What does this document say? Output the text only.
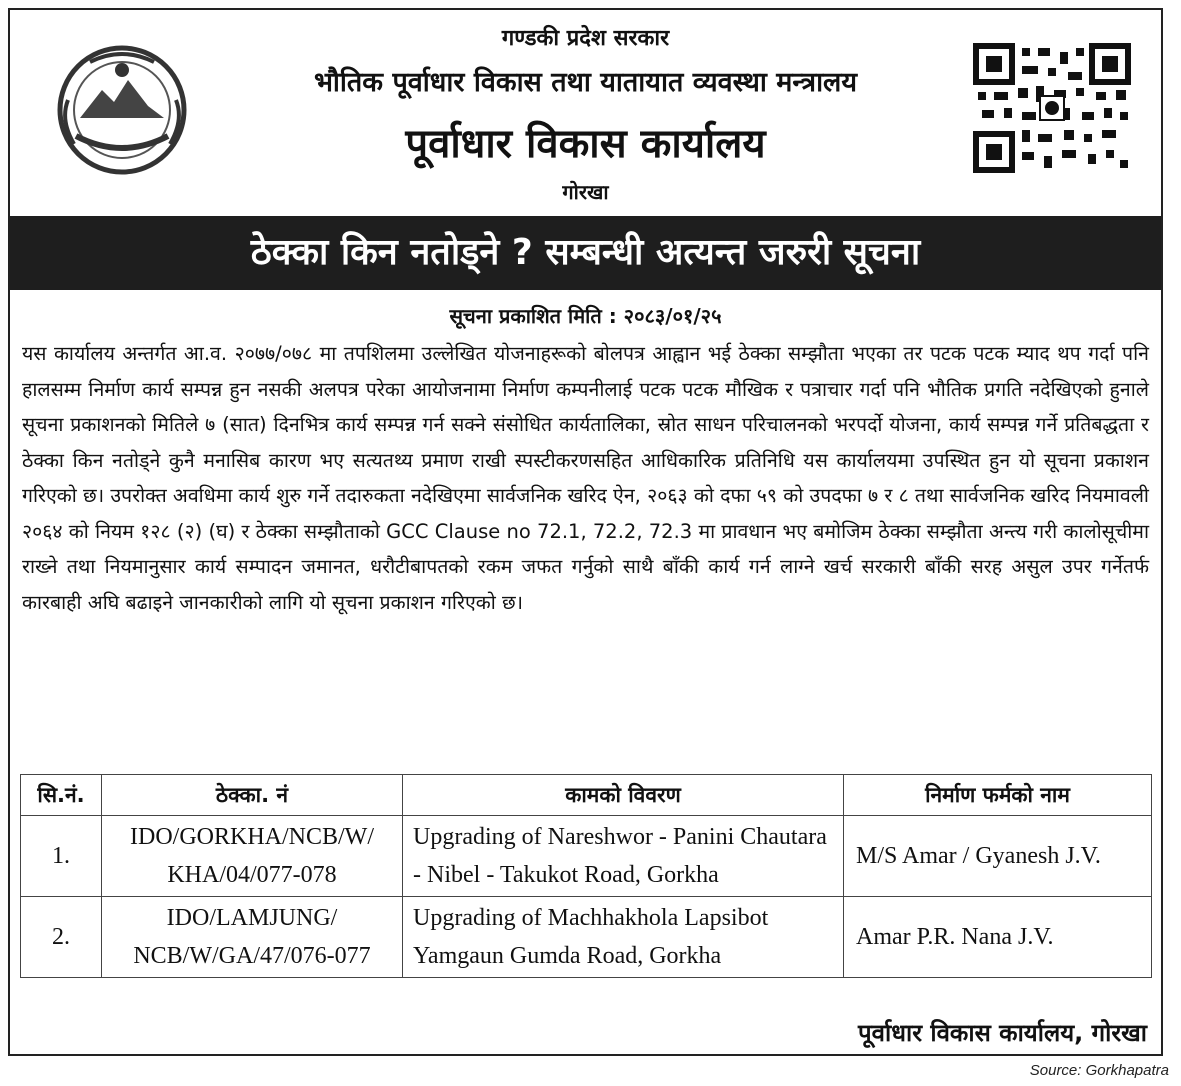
गण्डकी प्रदेश सरकार
भौतिक पूर्वाधार विकास तथा यातायात व्यवस्था मन्त्रालय
पूर्वाधार विकास कार्यालय
गोरखा
ठेक्का किन नतोड्ने ? सम्बन्धी अत्यन्त जरुरी सूचना
सूचना प्रकाशित मिति : २०८३/०१/२५
यस कार्यालय अन्तर्गत आ.व. २०७७/०७८ मा तपशिलमा उल्लेखित योजनाहरूको बोलपत्र आह्वान भई ठेक्का सम्झौता भएका तर पटक पटक म्याद थप गर्दा पनि हालसम्म निर्माण कार्य सम्पन्न हुन नसकी अलपत्र परेका आयोजनामा निर्माण कम्पनीलाई पटक पटक मौखिक र पत्राचार गर्दा पनि भौतिक प्रगति नदेखिएको हुनाले सूचना प्रकाशनको मितिले ७ (सात) दिनभित्र कार्य सम्पन्न गर्न सक्ने संसोधित कार्यतालिका, स्रोत साधन परिचालनको भरपर्दो योजना, कार्य सम्पन्न गर्ने प्रतिबद्धता र ठेक्का किन नतोड्ने कुनै मनासिब कारण भए सत्यतथ्य प्रमाण राखी स्पस्टीकरणसहित आधिकारिक प्रतिनिधि यस कार्यालयमा उपस्थित हुन यो सूचना प्रकाशन गरिएको छ। उपरोक्त अवधिमा कार्य शुरु गर्ने तदारुकता नदेखिएमा सार्वजनिक खरिद ऐन, २०६३ को दफा ५९ को उपदफा ७ र ८ तथा सार्वजनिक खरिद नियमावली २०६४ को नियम १२८ (२) (घ) र ठेक्का सम्झौताको GCC Clause no 72.1, 72.2, 72.3 मा प्रावधान भए बमोजिम ठेक्का सम्झौता अन्त्य गरी कालोसूचीमा राख्ने तथा नियमानुसार कार्य सम्पादन जमानत, धरौटीबापतको रकम जफत गर्नुको साथै बाँकी कार्य गर्न लाग्ने खर्च सरकारी बाँकी सरह असुल उपर गर्नेतर्फ कारबाही अघि बढाइने जानकारीको लागि यो सूचना प्रकाशन गरिएको छ।
सि.नं.	ठेक्का. नं	कामको विवरण	निर्माण फर्मको नाम
1.	IDO/GORKHA/NCB/W/ KHA/04/077-078	Upgrading of Nareshwor - Panini Chautara - Nibel - Takukot Road, Gorkha	M/S Amar / Gyanesh J.V.
2.	IDO/LAMJUNG/ NCB/W/GA/47/076-077	Upgrading of Machhakhola Lapsibot Yamgaun Gumda Road, Gorkha	Amar P.R. Nana J.V.
पूर्वाधार विकास कार्यालय, गोरखा
Source: Gorkhapatra
